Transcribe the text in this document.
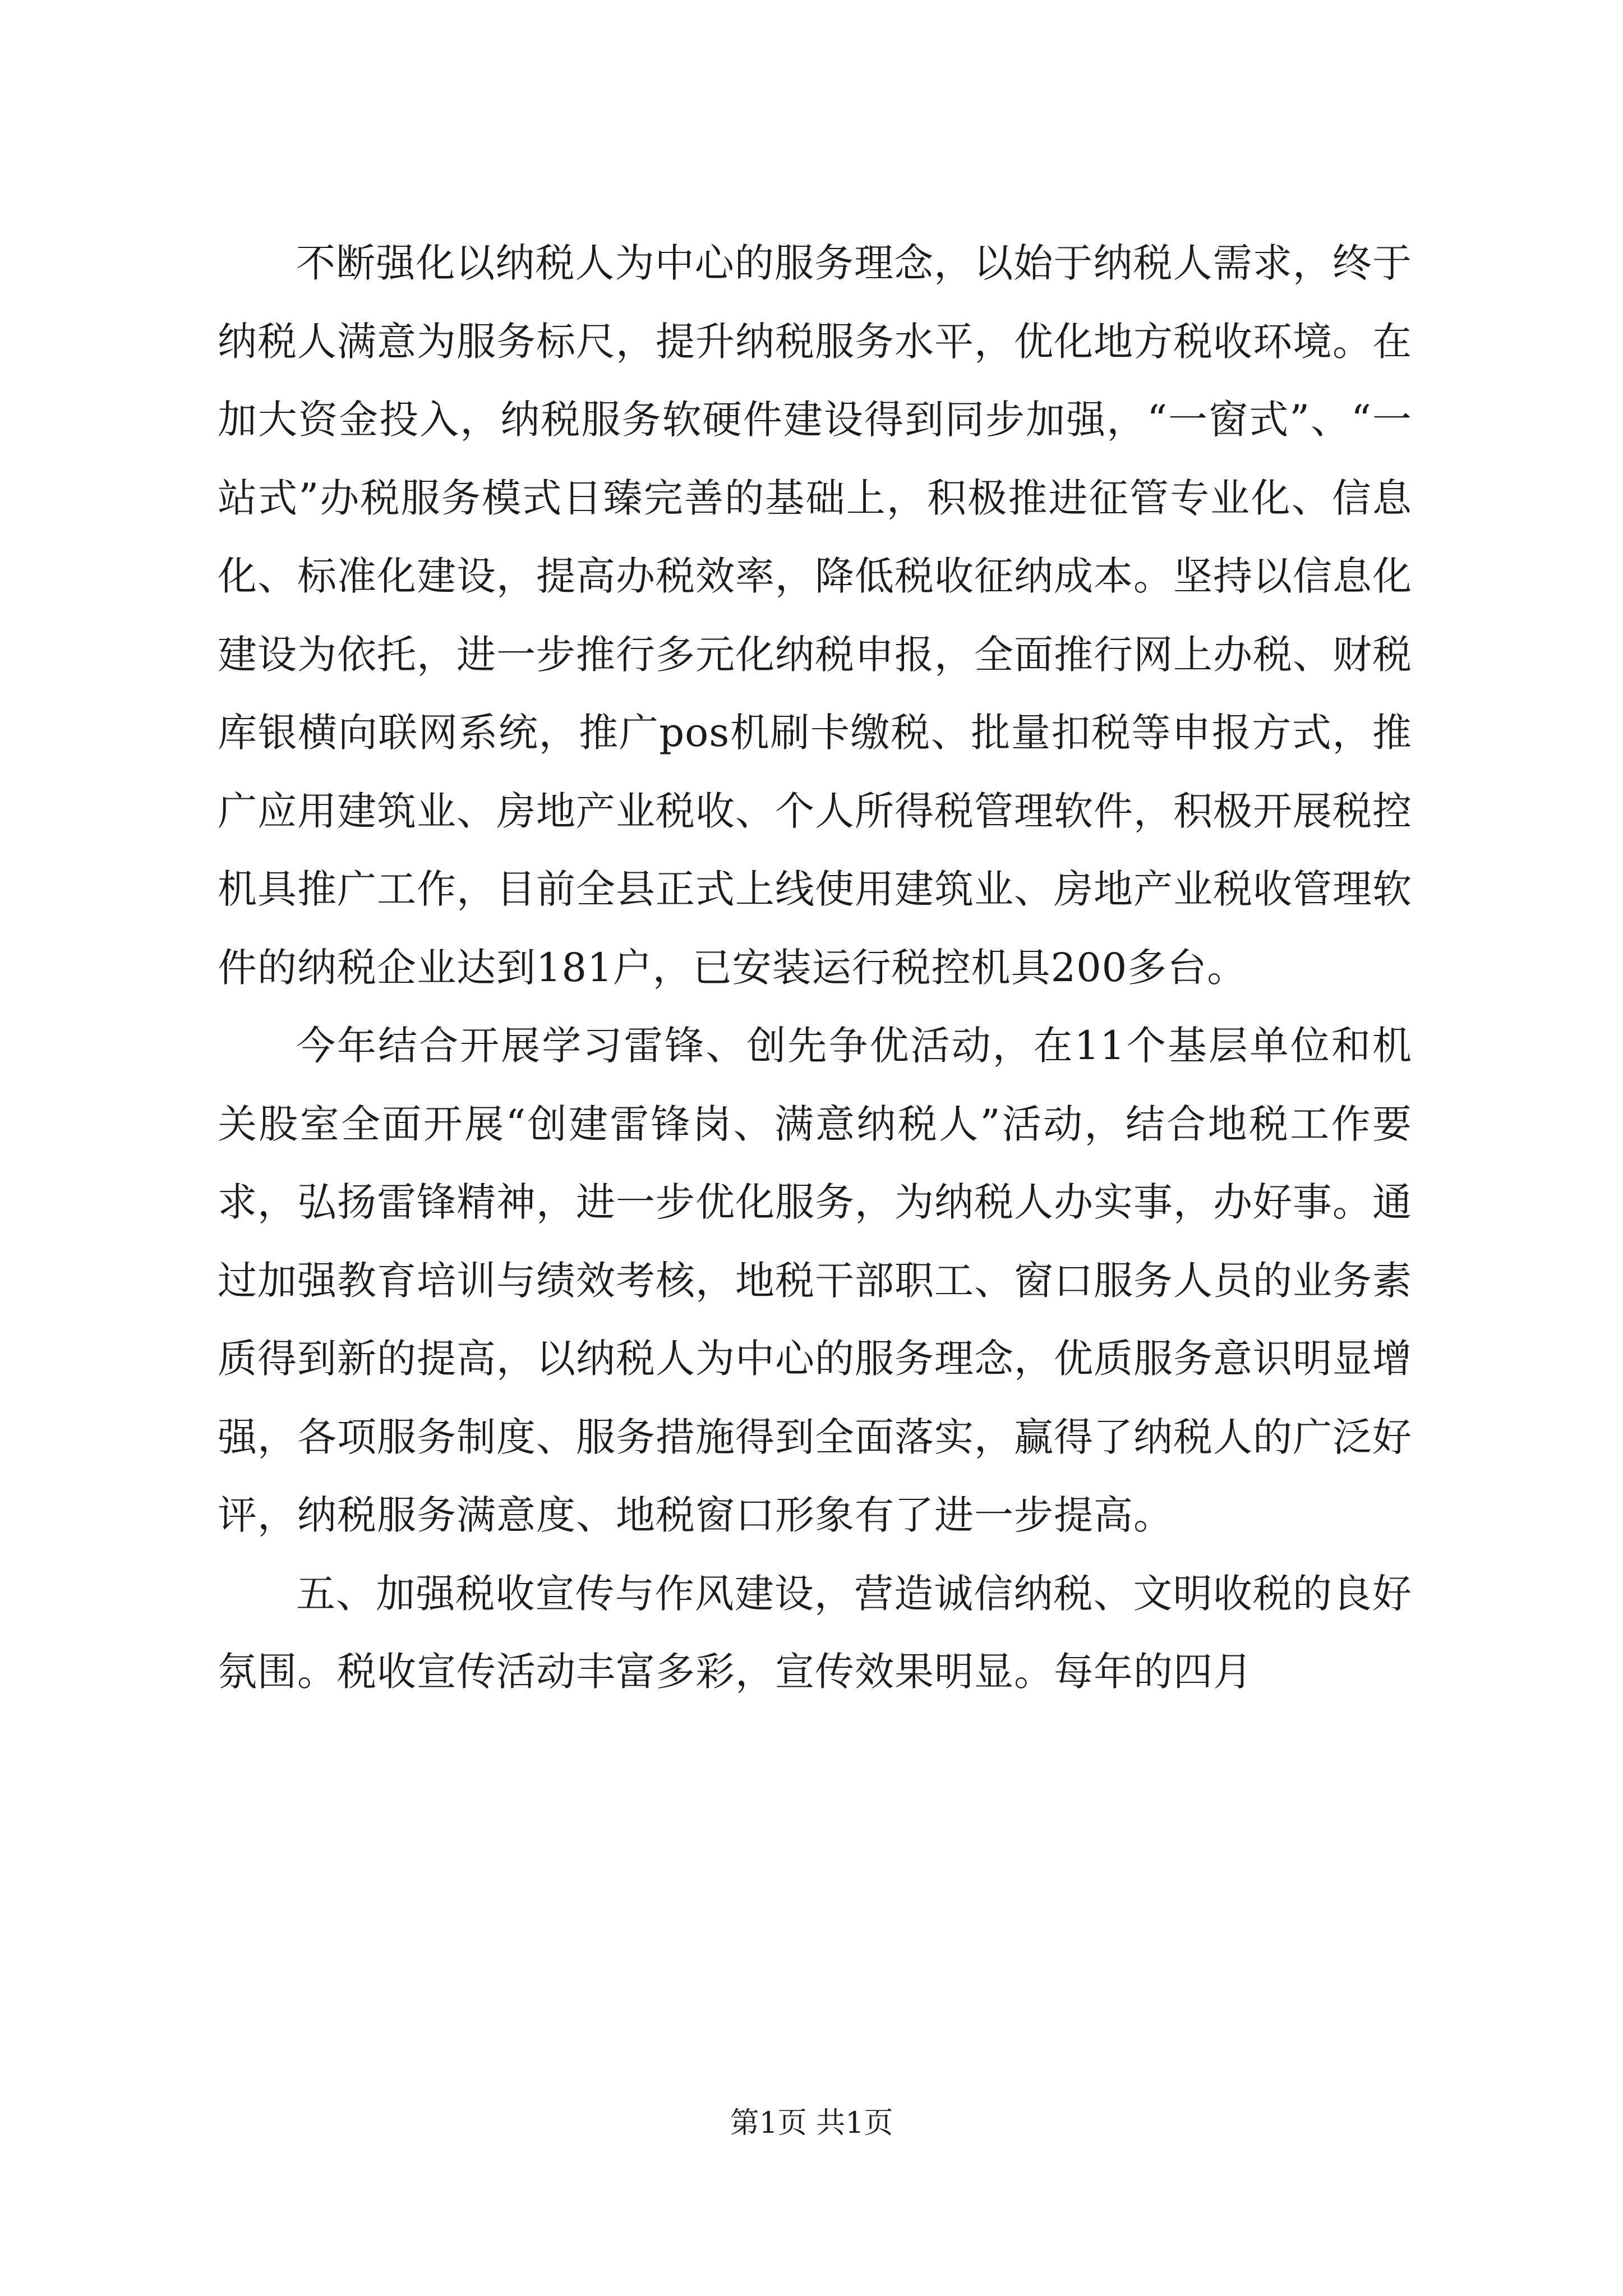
不断强化以纳税人为中心的服务理念，以始于纳税人需求，终于纳税人满意为服务标尺，提升纳税服务水平，优化地方税收环境。在加大资金投入，纳税服务软硬件建设得到同步加强，“一窗式”、“一站式”办税服务模式日臻完善的基础上，积极推进征管专业化、信息化、标准化建设，提高办税效率，降低税收征纳成本。坚持以信息化建设为依托，进一步推行多元化纳税申报，全面推行网上办税、财税库银横向联网系统，推广pos机刷卡缴税、批量扣税等申报方式，推广应用建筑业、房地产业税收、个人所得税管理软件，积极开展税控机具推广工作，目前全县正式上线使用建筑业、房地产业税收管理软件的纳税企业达到181户，已安装运行税控机具200多台。

今年结合开展学习雷锋、创先争优活动，在11个基层单位和机关股室全面开展“创建雷锋岗、满意纳税人”活动，结合地税工作要求，弘扬雷锋精神，进一步优化服务，为纳税人办实事，办好事。通过加强教育培训与绩效考核，地税干部职工、窗口服务人员的业务素质得到新的提高，以纳税人为中心的服务理念，优质服务意识明显增强，各项服务制度、服务措施得到全面落实，赢得了纳税人的广泛好评，纳税服务满意度、地税窗口形象有了进一步提高。

五、加强税收宣传与作风建设，营造诚信纳税、文明收税的良好氛围。税收宣传活动丰富多彩，宣传效果明显。每年的四月

第1页 共1页
